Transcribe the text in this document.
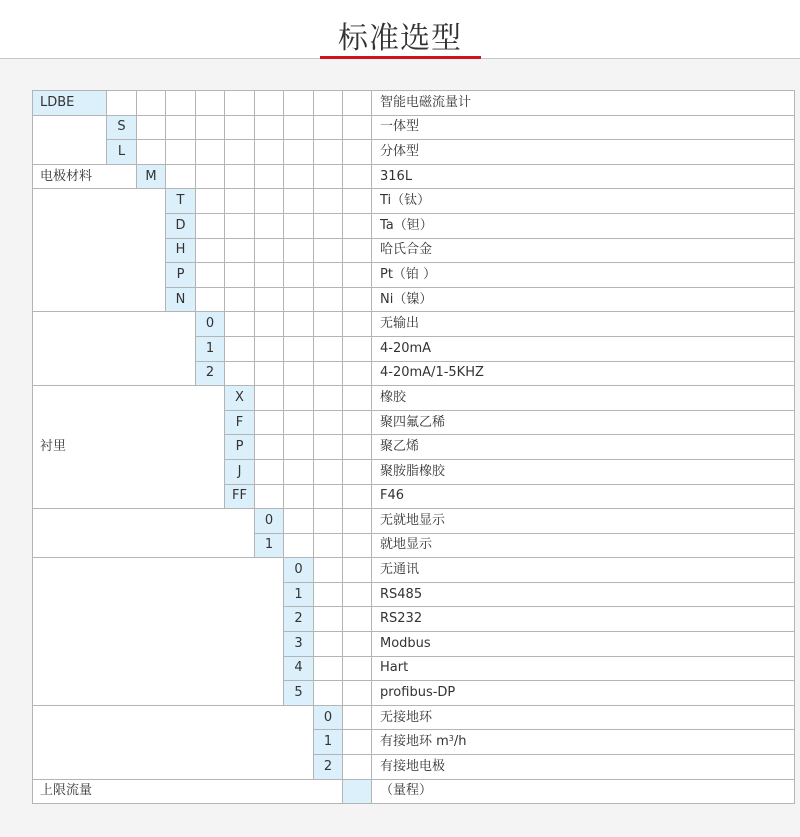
标准选型
LDBE										智能电磁流量计
	S									一体型
	L									分体型
电极材料		M								316L
			T							Ti（钛）
			D							Ta（钽）
			H							哈氏合金
			P							Pt（铂 ）
			N							Ni（镍）
				0						无输出
				1						4-20mA
				2						4-20mA/1-5KHZ
衬里					X					橡胶
					F					聚四氟乙稀
					P					聚乙烯
					J					聚胺脂橡胶
					FF					F46
						0				无就地显示
						1				就地显示
							0			无通讯
							1			RS485
							2			RS232
							3			Modbus
							4			Hart
							5			profibus-DP
								0		无接地环
								1		有接地环 $m^3/h$
								2		有接地电极
上限流量										（量程）
